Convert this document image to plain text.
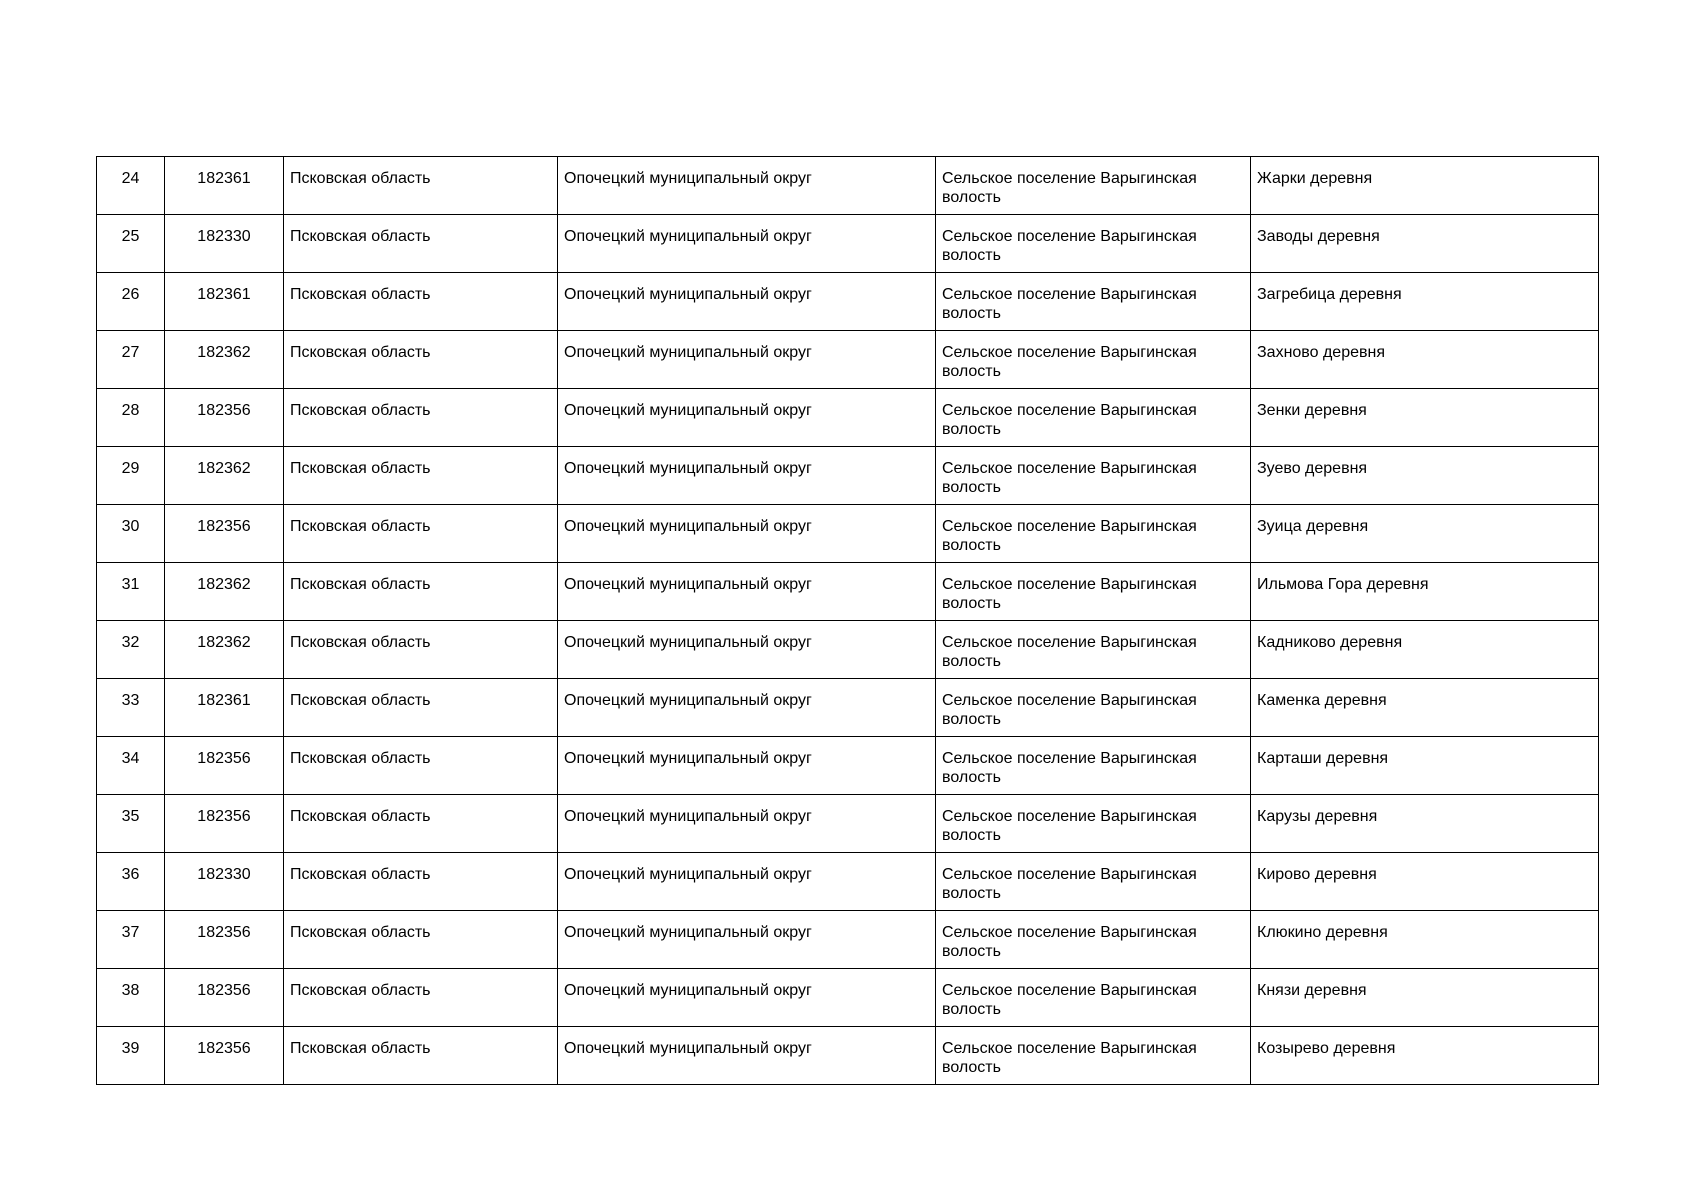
24	182361	Псковская область	Опочецкий муниципальный округ	Сельское поселение Варыгинская волость	Жарки деревня
25	182330	Псковская область	Опочецкий муниципальный округ	Сельское поселение Варыгинская волость	Заводы деревня
26	182361	Псковская область	Опочецкий муниципальный округ	Сельское поселение Варыгинская волость	Загребица деревня
27	182362	Псковская область	Опочецкий муниципальный округ	Сельское поселение Варыгинская волость	Захново деревня
28	182356	Псковская область	Опочецкий муниципальный округ	Сельское поселение Варыгинская волость	Зенки деревня
29	182362	Псковская область	Опочецкий муниципальный округ	Сельское поселение Варыгинская волость	Зуево деревня
30	182356	Псковская область	Опочецкий муниципальный округ	Сельское поселение Варыгинская волость	Зуица деревня
31	182362	Псковская область	Опочецкий муниципальный округ	Сельское поселение Варыгинская волость	Ильмова Гора деревня
32	182362	Псковская область	Опочецкий муниципальный округ	Сельское поселение Варыгинская волость	Кадниково деревня
33	182361	Псковская область	Опочецкий муниципальный округ	Сельское поселение Варыгинская волость	Каменка деревня
34	182356	Псковская область	Опочецкий муниципальный округ	Сельское поселение Варыгинская волость	Карташи деревня
35	182356	Псковская область	Опочецкий муниципальный округ	Сельское поселение Варыгинская волость	Карузы деревня
36	182330	Псковская область	Опочецкий муниципальный округ	Сельское поселение Варыгинская волость	Кирово деревня
37	182356	Псковская область	Опочецкий муниципальный округ	Сельское поселение Варыгинская волость	Клюкино деревня
38	182356	Псковская область	Опочецкий муниципальный округ	Сельское поселение Варыгинская волость	Князи деревня
39	182356	Псковская область	Опочецкий муниципальный округ	Сельское поселение Варыгинская волость	Козырево деревня
